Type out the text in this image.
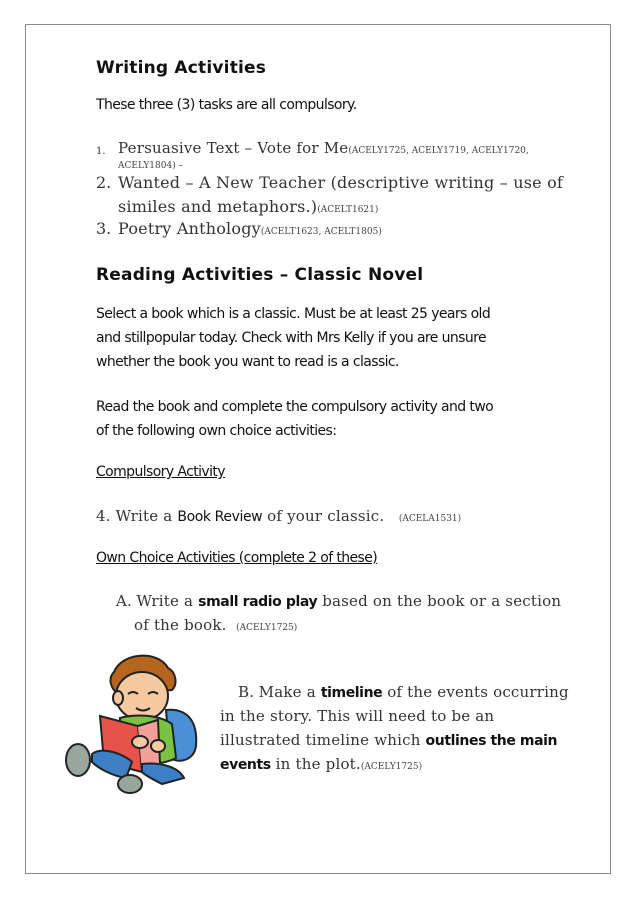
Writing Activities
These three (3) tasks are all compulsory.
1. Persuasive Text – Vote for Me(ACELY1725, ACELY1719, ACELY1720,
ACELY1804) –
2. Wanted – A New Teacher (descriptive writing – use of
similes and metaphors.)(ACELT1621)
3. Poetry Anthology(ACELT1623, ACELT1805)
Reading Activities – Classic Novel
Select a book which is a classic. Must be at least 25 years old
and stillpopular today. Check with Mrs Kelly if you are unsure
whether the book you want to read is a classic.
Read the book and complete the compulsory activity and two
of the following own choice activities:
Compulsory Activity
4. Write a Book Review of your classic. (ACELA1531)
Own Choice Activities (complete 2 of these)
A. Write a small radio play based on the book or a section
of the book. (ACELY1725)
B. Make a timeline of the events occurring
in the story. This will need to be an
illustrated timeline which outlines the main
events in the plot.(ACELY1725)
